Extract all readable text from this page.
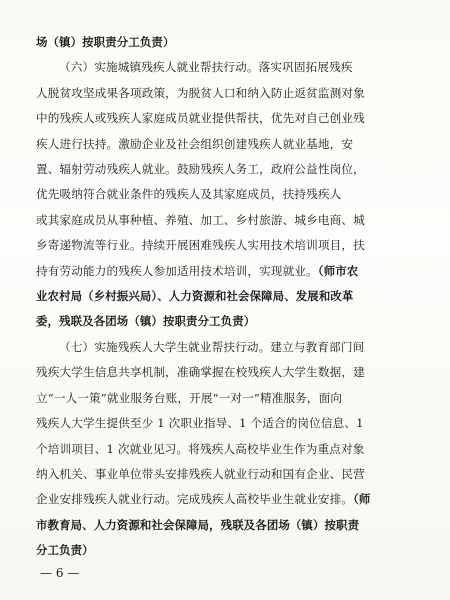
场（镇）按职责分工负责）
（六）实施城镇残疾人就业帮扶行动。落实巩固拓展残疾
人脱贫攻坚成果各项政策，为脱贫人口和纳入防止返贫监测对象
中的残疾人或残疾人家庭成员就业提供帮扶，优先对自己创业残
疾人进行扶持。激励企业及社会组织创建残疾人就业基地，安
置、辐射劳动残疾人就业。鼓励残疾人务工，政府公益性岗位，
优先吸纳符合就业条件的残疾人及其家庭成员，扶持残疾人
或其家庭成员从事种植、养殖、加工、乡村旅游、城乡电商、城
乡寄递物流等行业。持续开展困难残疾人实用技术培训项目，扶
持有劳动能力的残疾人参加适用技术培训，实现就业。（师市农
业农村局（乡村振兴局）、人力资源和社会保障局、发展和改革
委，残联及各团场（镇）按职责分工负责）
（七）实施残疾人大学生就业帮扶行动。建立与教育部门间
残疾大学生信息共享机制，准确掌握在校残疾人大学生数据，建
立“一人一策”就业服务台账，开展“一对一”精准服务，面向
残疾人大学生提供至少 1 次职业指导、1 个适合的岗位信息、1
个培训项目、1 次就业见习。将残疾人高校毕业生作为重点对象
纳入机关、事业单位带头安排残疾人就业行动和国有企业、民营
企业安排残疾人就业行动。完成残疾人高校毕业生就业安排。（师
市教育局、人力资源和社会保障局，残联及各团场（镇）按职责
分工负责）
— 6 —
